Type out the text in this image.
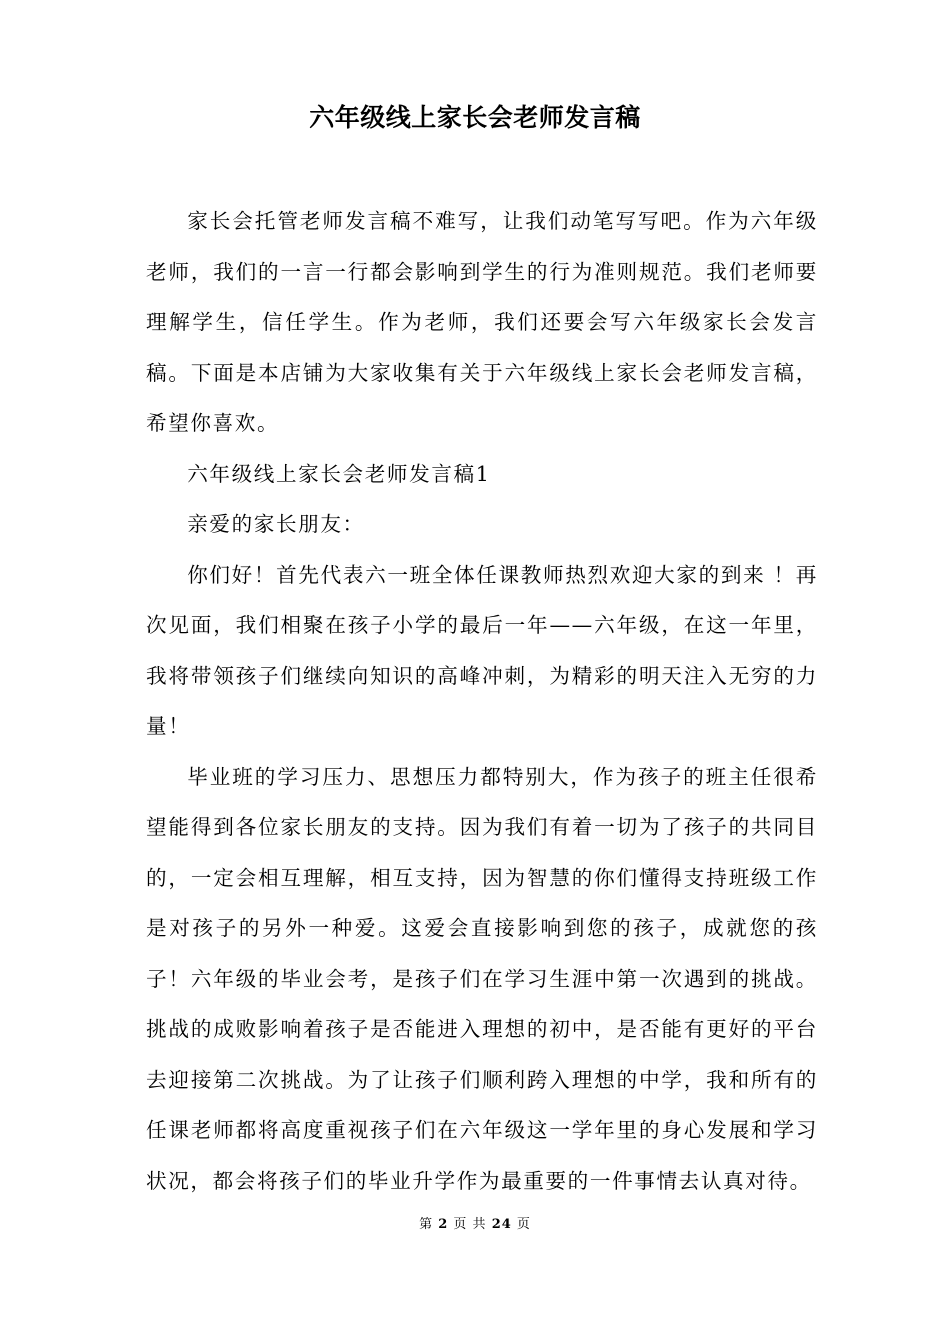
六年级线上家长会老师发言稿

家长会托管老师发言稿不难写，让我们动笔写写吧。作为六年级老师，我们的一言一行都会影响到学生的行为准则规范。我们老师要理解学生，信任学生。作为老师，我们还要会写六年级家长会发言稿。下面是本店铺为大家收集有关于六年级线上家长会老师发言稿，希望你喜欢。

六年级线上家长会老师发言稿1

亲爱的家长朋友：

你们好！首先代表六一班全体任课教师热烈欢迎大家的到来 ！再次见面，我们相聚在孩子小学的最后一年——六年级，在这一年里，我将带领孩子们继续向知识的高峰冲刺，为精彩的明天注入无穷的力量！

毕业班的学习压力、思想压力都特别大，作为孩子的班主任很希望能得到各位家长朋友的支持。因为我们有着一切为了孩子的共同目的，一定会相互理解，相互支持，因为智慧的你们懂得支持班级工作是对孩子的另外一种爱。这爱会直接影响到您的孩子，成就您的孩子！六年级的毕业会考，是孩子们在学习生涯中第一次遇到的挑战。挑战的成败影响着孩子是否能进入理想的初中，是否能有更好的平台去迎接第二次挑战。为了让孩子们顺利跨入理想的中学，我和所有的任课老师都将高度重视孩子们在六年级这一学年里的身心发展和学习状况，都会将孩子们的毕业升学作为最重要的一件事情去认真对待。

第 2 页 共 24 页
